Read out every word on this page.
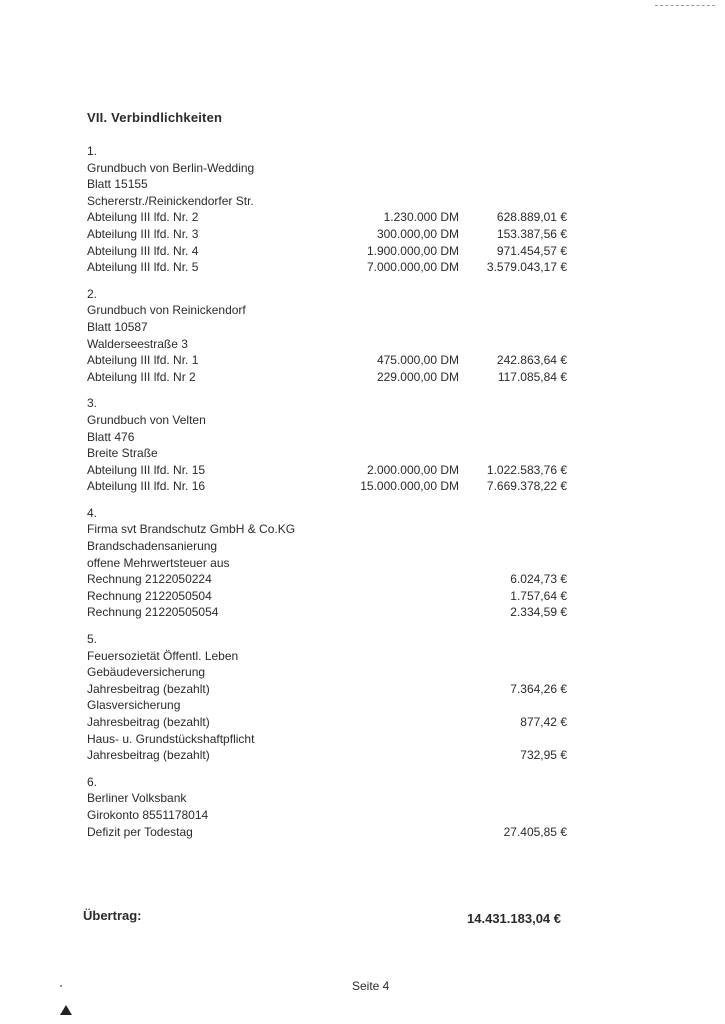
VII. Verbindlichkeiten
1.
Grundbuch von Berlin-Wedding
Blatt 15155
Schererstr./Reinickendorfer Str.
Abteilung III lfd. Nr. 2	1.230.000 DM	628.889,01 €
Abteilung III lfd. Nr. 3	300.000,00 DM	153.387,56 €
Abteilung III lfd. Nr. 4	1.900.000,00 DM	971.454,57 €
Abteilung III lfd. Nr. 5	7.000.000,00 DM 3.579.043,17 €
2.
Grundbuch von Reinickendorf
Blatt 10587
Walderseestraße 3
Abteilung III lfd. Nr. 1	475.000,00 DM	242.863,64 €
Abteilung III lfd. Nr 2	229.000,00 DM	117.085,84 €
3.
Grundbuch von Velten
Blatt 476
Breite Straße
Abteilung III lfd. Nr. 15	2.000.000,00 DM 1.022.583,76 €
Abteilung III lfd. Nr. 16	15.000.000,00 DM 7.669.378,22 €
4.
Firma svt Brandschutz GmbH & Co.KG
Brandschadensanierung
offene Mehrwertsteuer aus
Rechnung 2122050224	6.024,73 €
Rechnung 2122050504	1.757,64 €
Rechnung 21220505054	2.334,59 €
5.
Feuersozietät Öffentl. Leben
Gebäudeversicherung
Jahresbeitrag (bezahlt)	7.364,26 €
Glasversicherung
Jahresbeitrag (bezahlt)	877,42 €
Haus- u. Grundstückshaftpflicht
Jahresbeitrag (bezahlt)	732,95 €
6.
Berliner Volksbank
Girokonto 8551178014
Defizit per Todestag	27.405,85 €
Übertrag:	14.431.183,04 €
Seite 4
